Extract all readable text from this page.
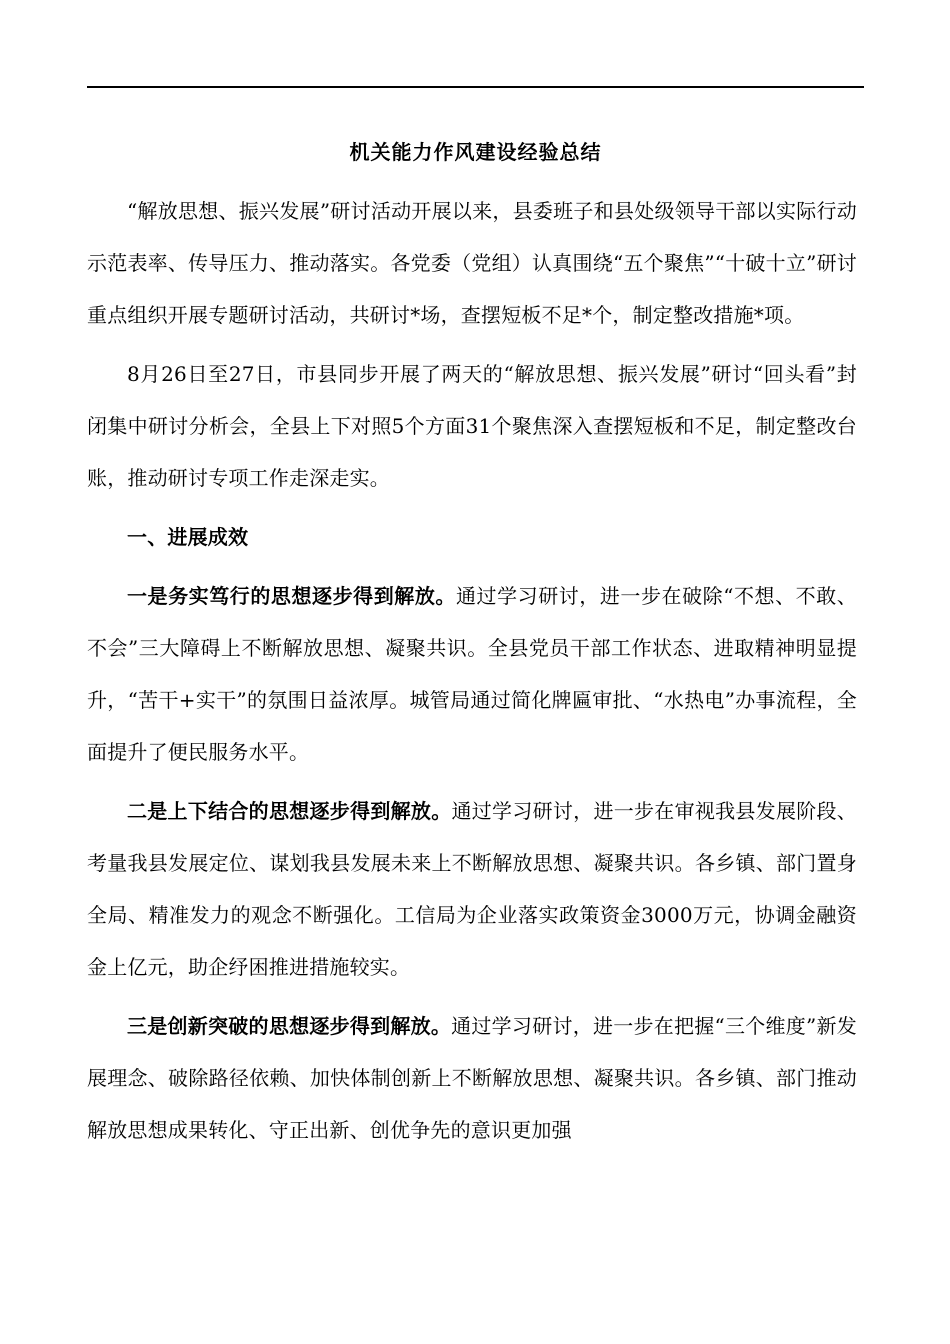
机关能力作风建设经验总结

“解放思想、振兴发展”研讨活动开展以来，县委班子和县处级领导干部以实际行动示范表率、传导压力、推动落实。各党委（党组）认真围绕“五个聚焦”“十破十立”研讨重点组织开展专题研讨活动，共研讨*场，查摆短板不足*个，制定整改措施*项。

8月26日至27日，市县同步开展了两天的“解放思想、振兴发展”研讨“回头看”封闭集中研讨分析会，全县上下对照5个方面31个聚焦深入查摆短板和不足，制定整改台账，推动研讨专项工作走深走实。

一、进展成效

一是务实笃行的思想逐步得到解放。通过学习研讨，进一步在破除“不想、不敢、不会”三大障碍上不断解放思想、凝聚共识。全县党员干部工作状态、进取精神明显提升，“苦干+实干”的氛围日益浓厚。城管局通过简化牌匾审批、“水热电”办事流程，全面提升了便民服务水平。

二是上下结合的思想逐步得到解放。通过学习研讨，进一步在审视我县发展阶段、考量我县发展定位、谋划我县发展未来上不断解放思想、凝聚共识。各乡镇、部门置身全局、精准发力的观念不断强化。工信局为企业落实政策资金3000万元，协调金融资金上亿元，助企纾困推进措施较实。

三是创新突破的思想逐步得到解放。通过学习研讨，进一步在把握“三个维度”新发展理念、破除路径依赖、加快体制创新上不断解放思想、凝聚共识。各乡镇、部门推动解放思想成果转化、守正出新、创优争先的意识更加强
